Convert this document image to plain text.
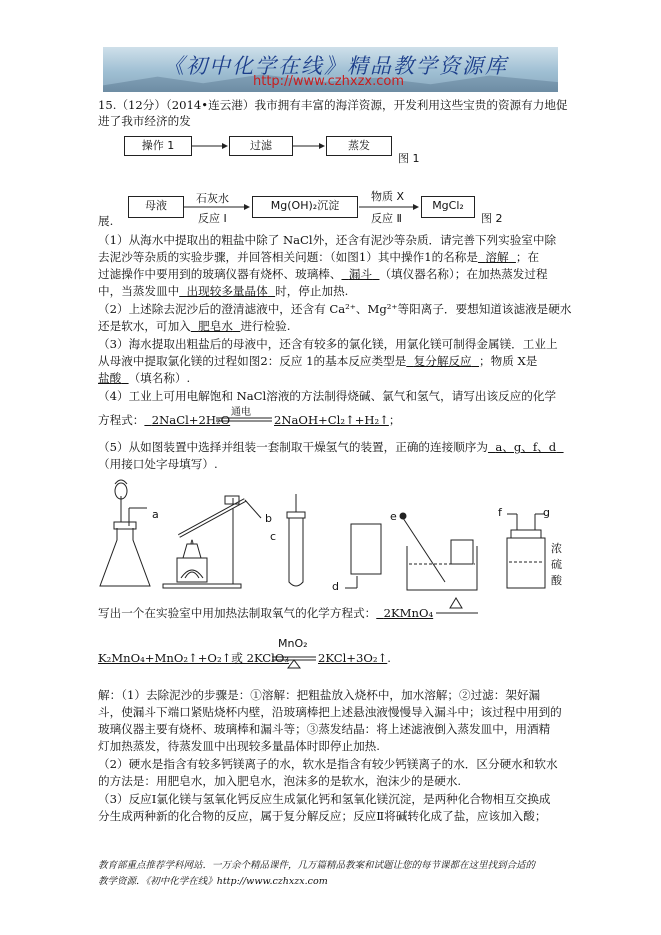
《初中化学在线》精品教学资源库
http://www.czhxzx.com
15.（12分）（2014•连云港）我市拥有丰富的海洋资源，开发利用这些宝贵的资源有力地促
进了我市经济的发
操作 1	过滤	蒸发
图 1
母液
石灰水
反应 Ⅰ
Mg(OH)₂沉淀
物质 X
反应 Ⅱ
MgCl₂
图 2
展.
（1）从海水中提取出的粗盐中除了 NaCl外，还含有泥沙等杂质．请完善下列实验室中除
去泥沙等杂质的实验步骤，并回答相关问题：（如图1）其中操作1的名称是 溶解 ；在
过滤操作中要用到的玻璃仪器有烧杯、玻璃棒、 漏斗 （填仪器名称）；在加热蒸发过程
中，当蒸发皿中 出现较多量晶体 时，停止加热.
（2）上述除去泥沙后的澄清滤液中，还含有 Ca²⁺、Mg²⁺等阳离子．要想知道该滤液是硬水
还是软水，可加入 肥皂水 进行检验.
（3）海水提取出粗盐后的母液中，还含有较多的氯化镁，用氯化镁可制得金属镁．工业上
从母液中提取氯化镁的过程如图2：反应 1的基本反应类型是 复分解反应 ；物质 X是
盐酸 （填名称）.
（4）工业上可用电解饱和 NaCl溶液的方法制得烧碱、氯气和氢气，请写出该反应的化学
通电
方程式： 2NaCl+2H₂O	2NaOH+Cl₂↑+H₂↑；
（5）从如图装置中选择并组装一套制取干燥氢气的装置，正确的连接顺序为 a、g、f、d
（用接口处字母填写）.
a	b
c
d
e	f	g
浓
硫
酸
写出一个在实验室中用加热法制取氧气的化学方程式： 2KMnO₄
MnO₂
K₂MnO₄+MnO₂↑+O₂↑或 2KClO₃ 2KCl+3O₂↑.
解：（1）去除泥沙的步骤是：①溶解：把粗盐放入烧杯中，加水溶解；②过滤：架好漏
斗，使漏斗下端口紧贴烧杯内壁，沿玻璃棒把上述悬浊液慢慢导入漏斗中；该过程中用到的
玻璃仪器主要有烧杯、玻璃棒和漏斗等；③蒸发结晶：将上述滤液倒入蒸发皿中，用酒精
灯加热蒸发，待蒸发皿中出现较多量晶体时即停止加热.
（2）硬水是指含有较多钙镁离子的水，软水是指含有较少钙镁离子的水．区分硬水和软水
的方法是：用肥皂水，加入肥皂水，泡沫多的是软水，泡沫少的是硬水.
（3）反应Ⅰ氯化镁与氢氧化钙反应生成氯化钙和氢氧化镁沉淀，是两种化合物相互交换成
分生成两种新的化合物的反应，属于复分解反应；反应Ⅱ将碱转化成了盐，应该加入酸；
教育部重点推荐学科网站．一万余个精品课件，几万篇精品教案和试题让您的每节课都在这里找到合适的
教学资源．《初中化学在线》http://www.czhxzx.com
